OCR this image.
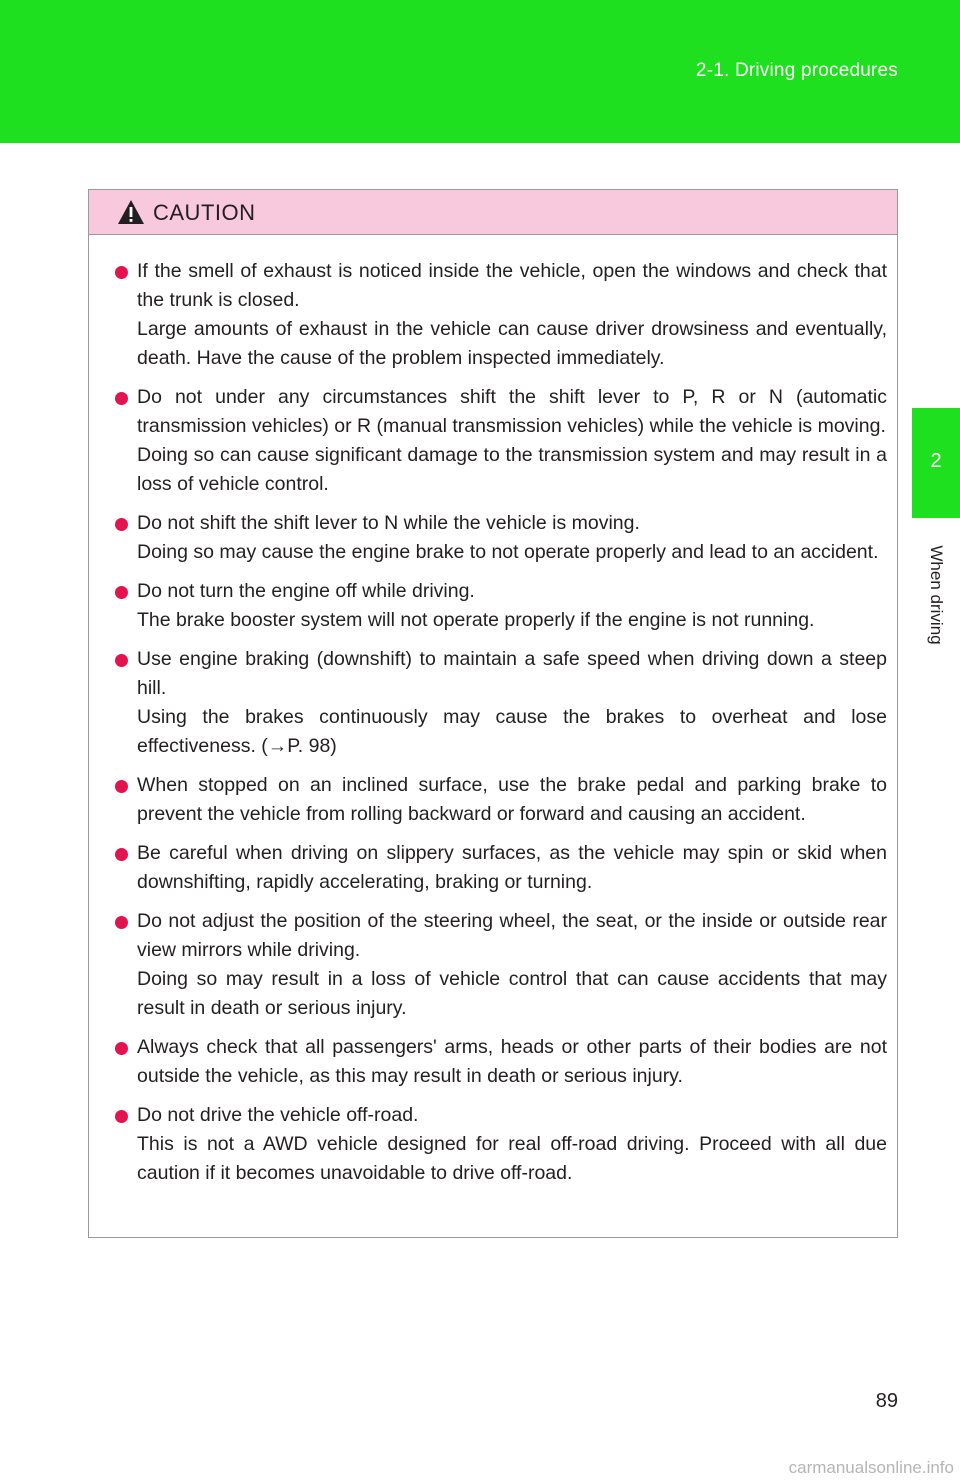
2-1. Driving procedures
2
When driving
CAUTION
If the smell of exhaust is noticed inside the vehicle, open the windows and check that the trunk is closed.
Large amounts of exhaust in the vehicle can cause driver drowsiness and eventually, death. Have the cause of the problem inspected immediately.
Do not under any circumstances shift the shift lever to P, R or N (automatic transmission vehicles) or R (manual transmission vehicles) while the vehicle is moving.
Doing so can cause significant damage to the transmission system and may result in a loss of vehicle control.
Do not shift the shift lever to N while the vehicle is moving.
Doing so may cause the engine brake to not operate properly and lead to an accident.
Do not turn the engine off while driving.
The brake booster system will not operate properly if the engine is not running.
Use engine braking (downshift) to maintain a safe speed when driving down a steep hill.
Using the brakes continuously may cause the brakes to overheat and lose effectiveness. (→P. 98)
When stopped on an inclined surface, use the brake pedal and parking brake to prevent the vehicle from rolling backward or forward and causing an accident.
Be careful when driving on slippery surfaces, as the vehicle may spin or skid when downshifting, rapidly accelerating, braking or turning.
Do not adjust the position of the steering wheel, the seat, or the inside or outside rear view mirrors while driving.
Doing so may result in a loss of vehicle control that can cause accidents that may result in death or serious injury.
Always check that all passengers' arms, heads or other parts of their bodies are not outside the vehicle, as this may result in death or serious injury.
Do not drive the vehicle off-road.
This is not a AWD vehicle designed for real off-road driving. Proceed with all due caution if it becomes unavoidable to drive off-road.
89
carmanualsonline.info
